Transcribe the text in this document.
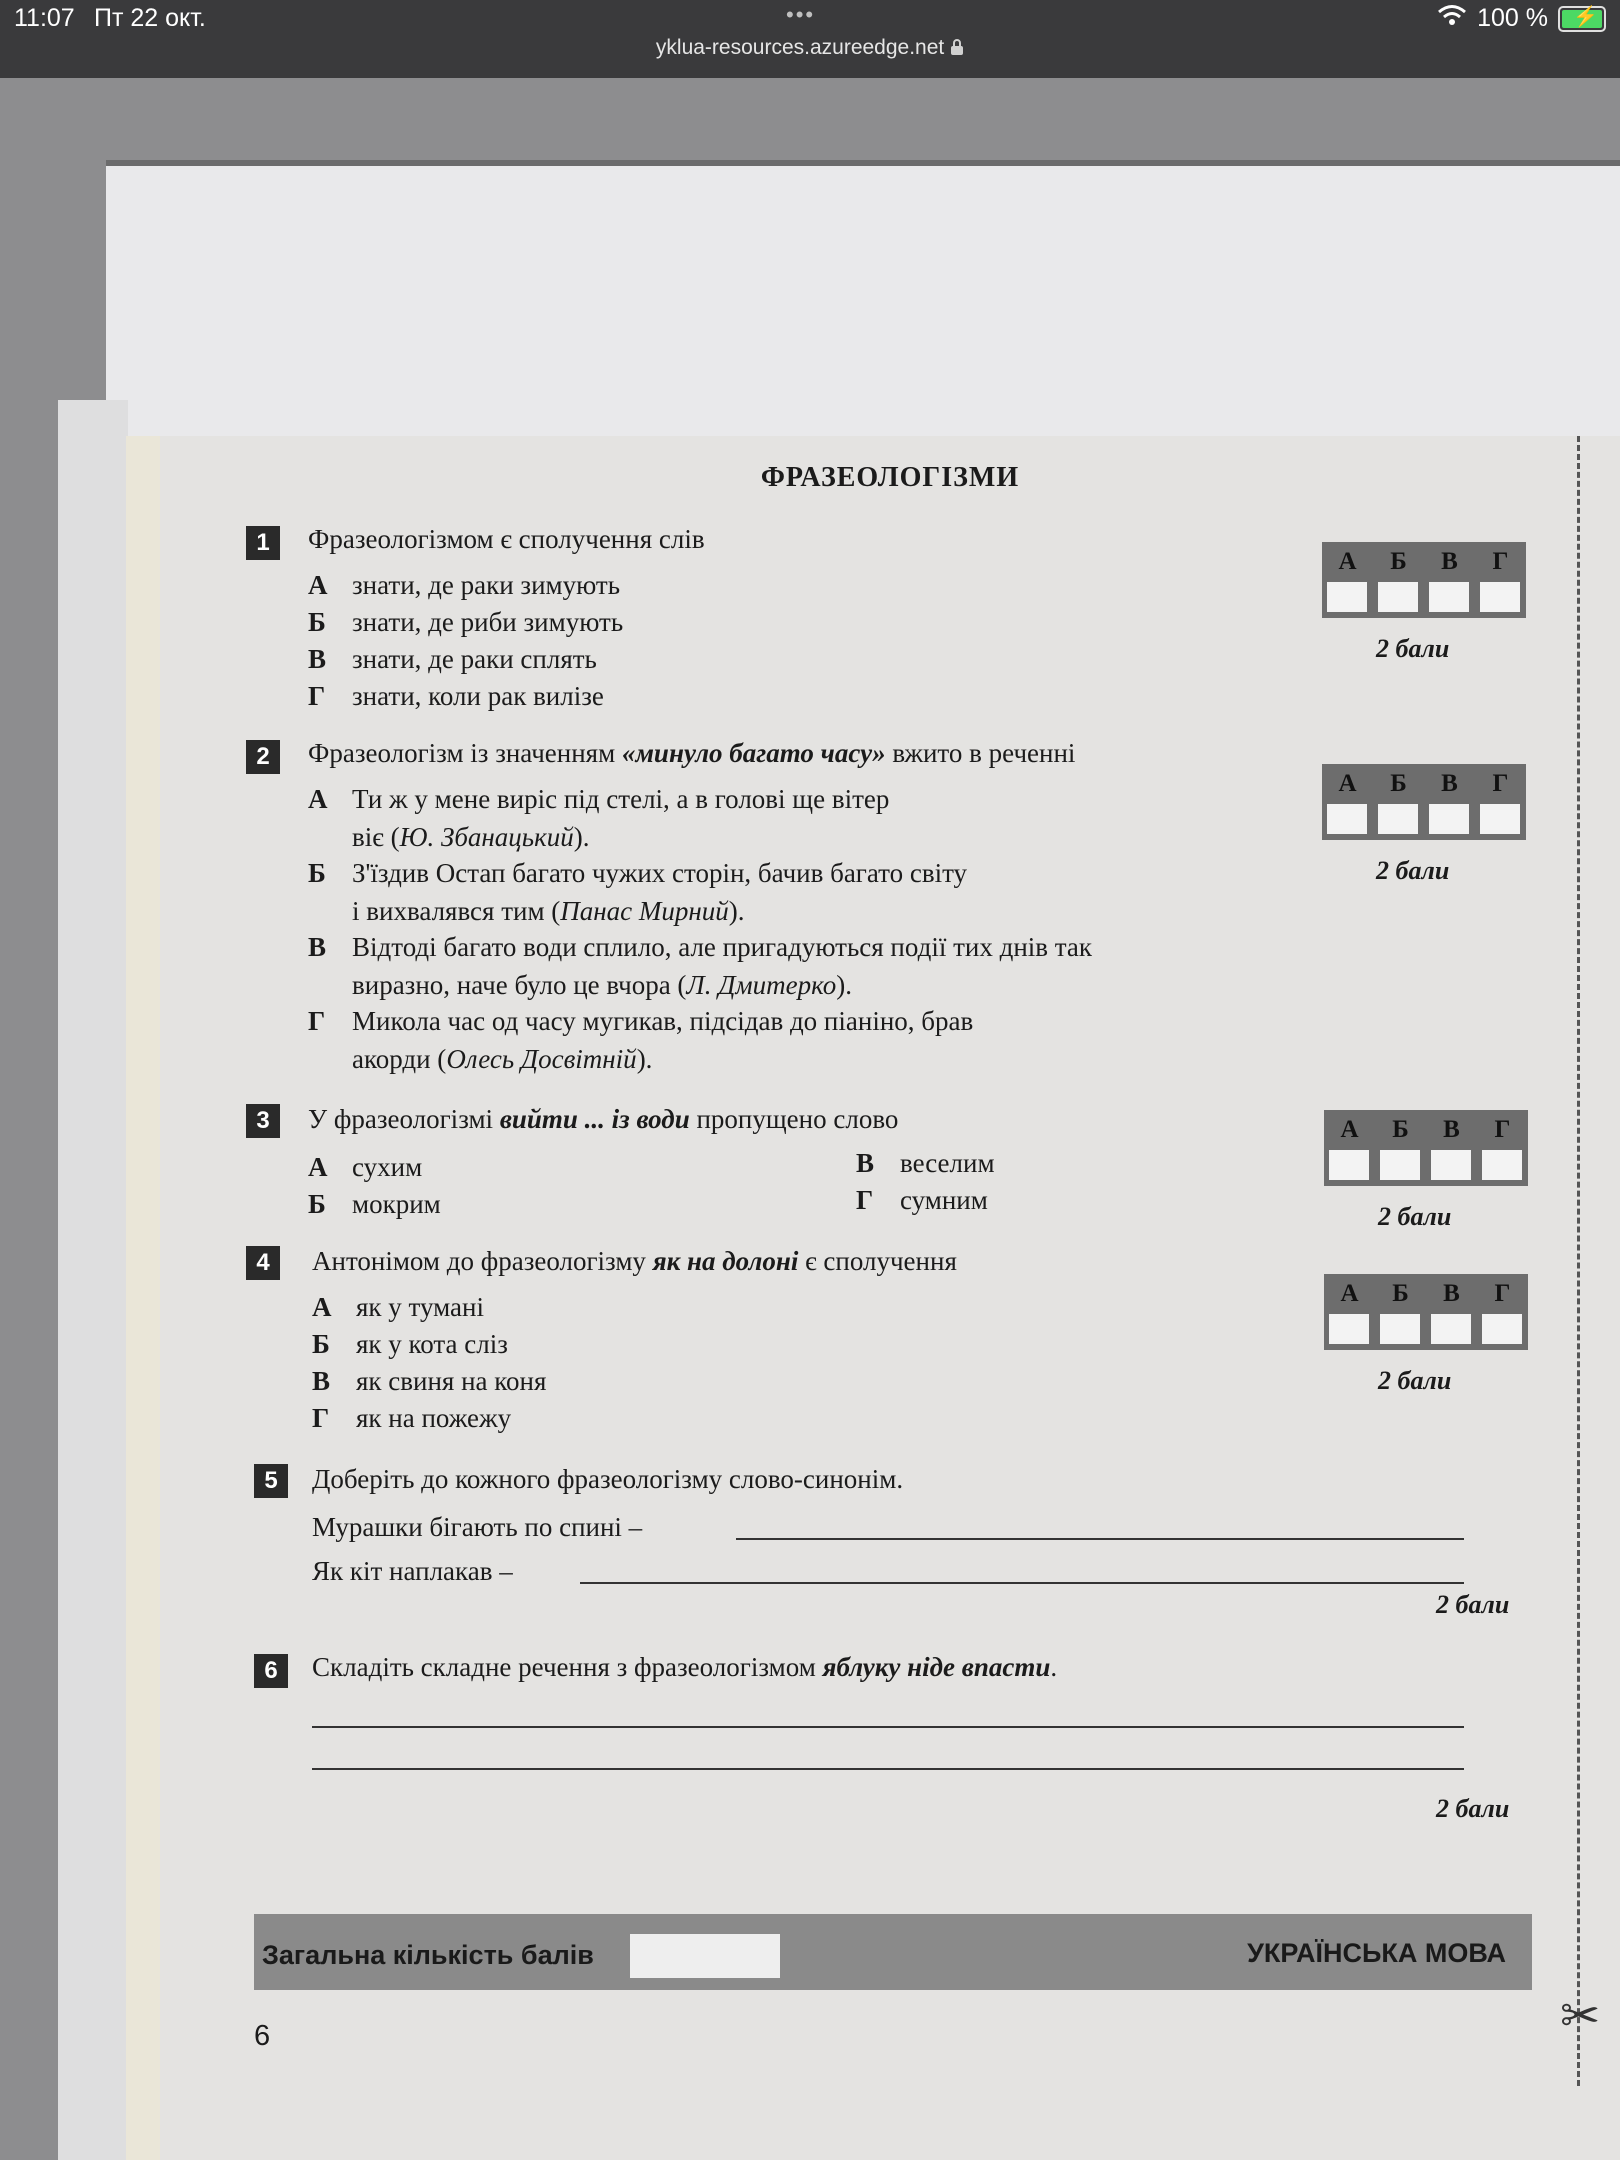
11:07 Пт 22 окт.	•••
yklua-resources.azureedge.net
100 % ⚡
✂
ФРАЗЕОЛОГІЗМИ
1	Фразеологізмом є сполучення слів
А знати, де раки зимують
Б знати, де риби зимують
В знати, де раки сплять
Г знати, коли рак вилізе
А	Б	В	Г
2 бали
2	Фразеологізм із значенням «минуло багато часу» вжито в реченні
А Ти ж у мене виріс під стелі, а в голові ще вітер
віє (Ю. Збанацький).
Б З'їздив Остап багато чужих сторін, бачив багато світу
і вихвалявся тим (Панас Мирний).
В Відтоді багато води сплило, але пригадуються події тих днів так
виразно, наче було це вчора (Л. Дмитерко).
Г Микола час од часу мугикав, підсідав до піаніно, брав
акорди (Олесь Досвітній).
А	Б	В	Г
2 бали
3	У фразеологізмі вийти ... із води пропущено слово
А сухим
Б мокрим
В веселим
Г сумним
А	Б	В	Г
2 бали
4	Антонімом до фразеологізму як на долоні є сполучення
А як у тумані
Б як у кота сліз
В як свиня на коня
Г як на пожежу
А	Б	В	Г
2 бали
5	Доберіть до кожного фразеологізму слово-синонім.
Мурашки бігають по спині –
Як кіт наплакав –
2 бали
6	Складіть складне речення з фразеологізмом яблуку ніде впасти.
2 бали
Загальна кількість балів	УКРАЇНСЬКА МОВА
6
